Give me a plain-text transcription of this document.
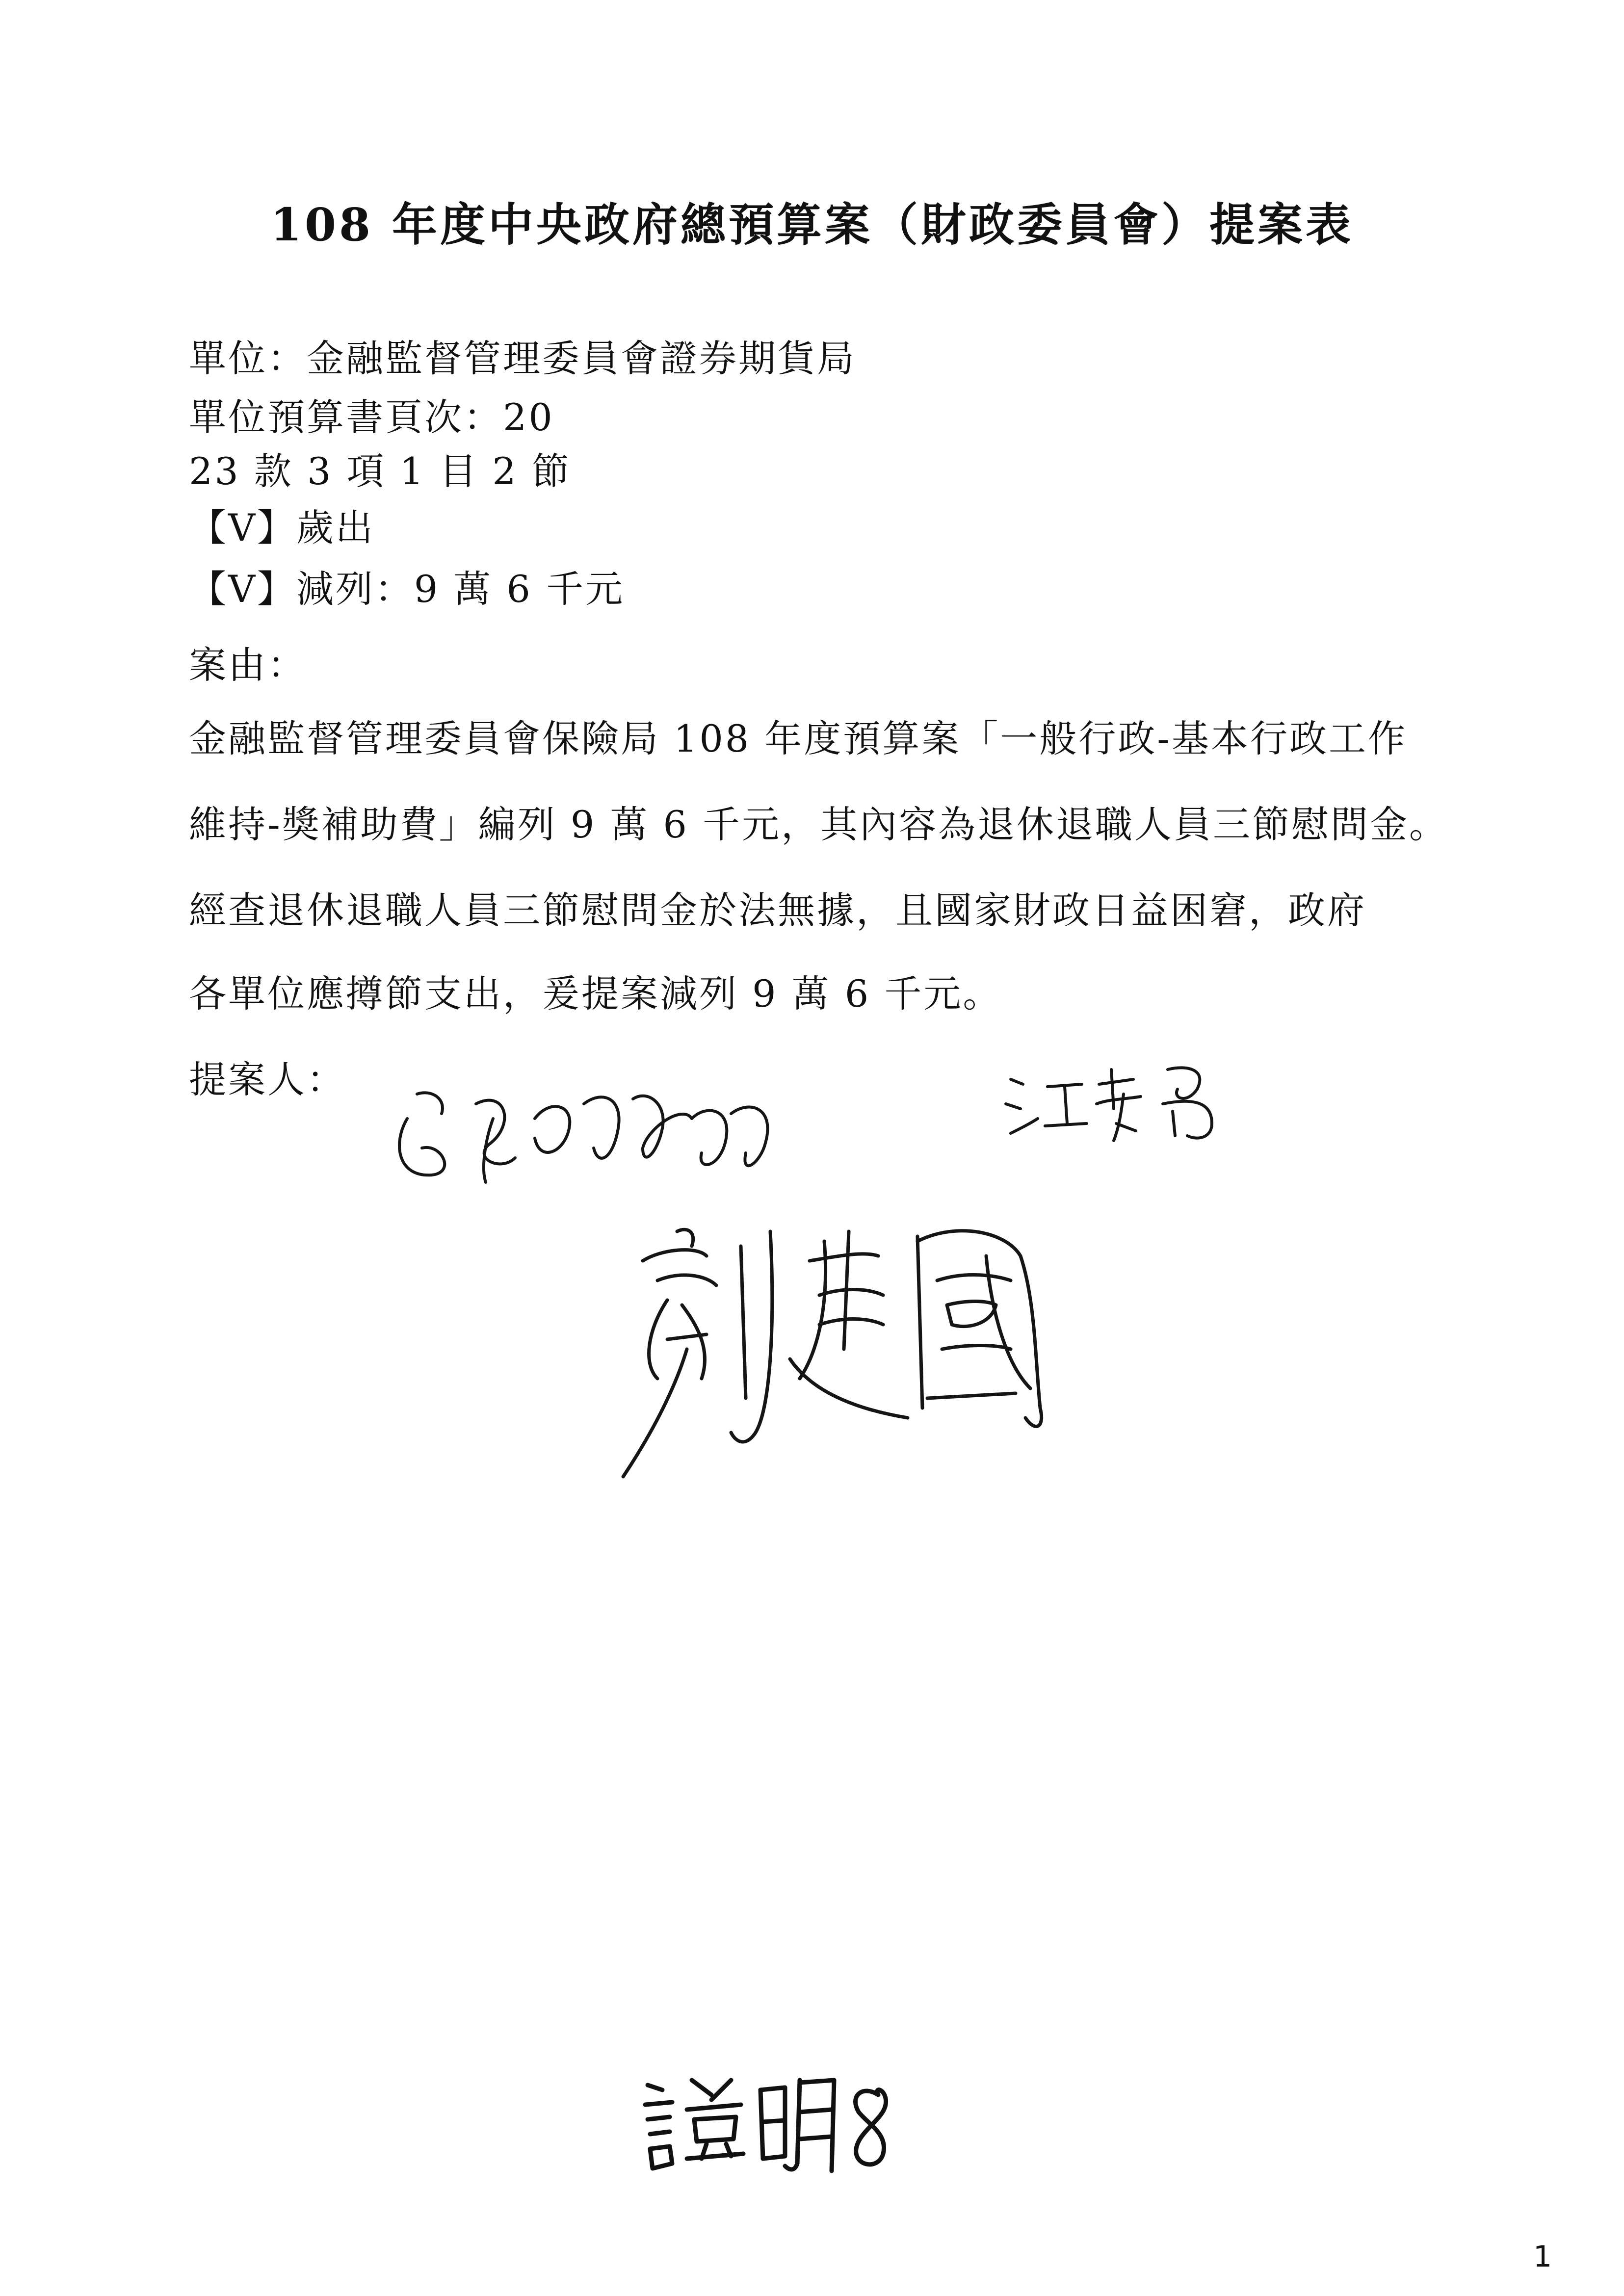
108 年度中央政府總預算案（財政委員會）提案表
單位：金融監督管理委員會證券期貨局
單位預算書頁次：20
23 款 3 項 1 目 2 節
【V】歲出
【V】減列：9 萬 6 千元
案由：
金融監督管理委員會保險局 108 年度預算案「一般行政-基本行政工作
維持-獎補助費」編列 9 萬 6 千元，其內容為退休退職人員三節慰問金。
經查退休退職人員三節慰問金於法無據，且國家財政日益困窘，政府
各單位應撙節支出，爰提案減列 9 萬 6 千元。
提案人：
1
